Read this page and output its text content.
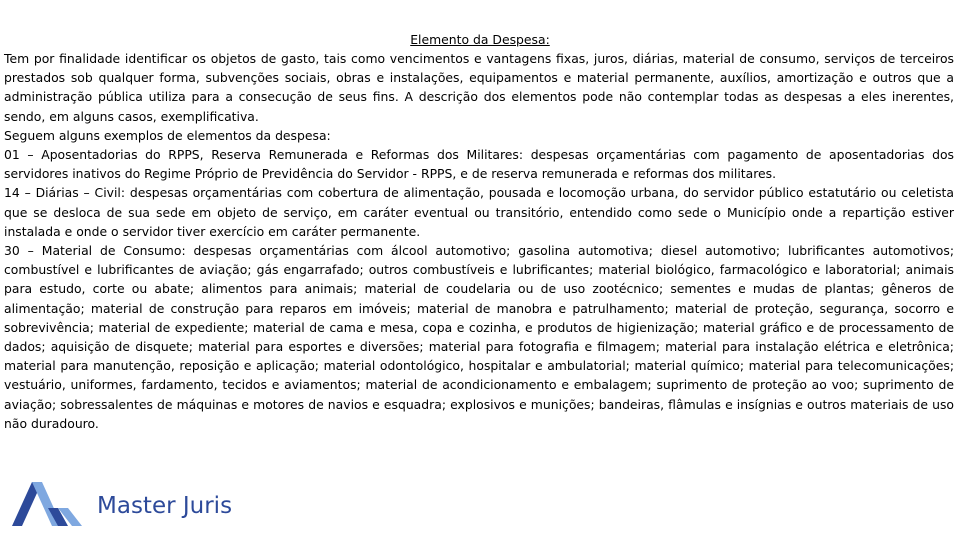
Elemento da Despesa:

Tem por finalidade identificar os objetos de gasto, tais como vencimentos e vantagens fixas, juros, diárias, material de consumo, serviços de terceiros prestados sob qualquer forma, subvenções sociais, obras e instalações, equipamentos e material permanente, auxílios, amortização e outros que a administração pública utiliza para a consecução de seus fins. A descrição dos elementos pode não contemplar todas as despesas a eles inerentes, sendo, em alguns casos, exemplificativa.

Seguem alguns exemplos de elementos da despesa:

01 – Aposentadorias do RPPS, Reserva Remunerada e Reformas dos Militares: despesas orçamentárias com pagamento de aposentadorias dos servidores inativos do Regime Próprio de Previdência do Servidor - RPPS, e de reserva remunerada e reformas dos militares.

14 – Diárias – Civil: despesas orçamentárias com cobertura de alimentação, pousada e locomoção urbana, do servidor público estatutário ou celetista que se desloca de sua sede em objeto de serviço, em caráter eventual ou transitório, entendido como sede o Município onde a repartição estiver instalada e onde o servidor tiver exercício em caráter permanente.

30 – Material de Consumo: despesas orçamentárias com álcool automotivo; gasolina automotiva; diesel automotivo; lubrificantes automotivos; combustível e lubrificantes de aviação; gás engarrafado; outros combustíveis e lubrificantes; material biológico, farmacológico e laboratorial; animais para estudo, corte ou abate; alimentos para animais; material de coudelaria ou de uso zootécnico; sementes e mudas de plantas; gêneros de alimentação; material de construção para reparos em imóveis; material de manobra e patrulhamento; material de proteção, segurança, socorro e sobrevivência; material de expediente; material de cama e mesa, copa e cozinha, e produtos de higienização; material gráfico e de processamento de dados; aquisição de disquete; material para esportes e diversões; material para fotografia e filmagem; material para instalação elétrica e eletrônica; material para manutenção, reposição e aplicação; material odontológico, hospitalar e ambulatorial; material químico; material para telecomunicações; vestuário, uniformes, fardamento, tecidos e aviamentos; material de acondicionamento e embalagem; suprimento de proteção ao voo; suprimento de aviação; sobressalentes de máquinas e motores de navios e esquadra; explosivos e munições; bandeiras, flâmulas e insígnias e outros materiais de uso não duradouro.

Master Juris
